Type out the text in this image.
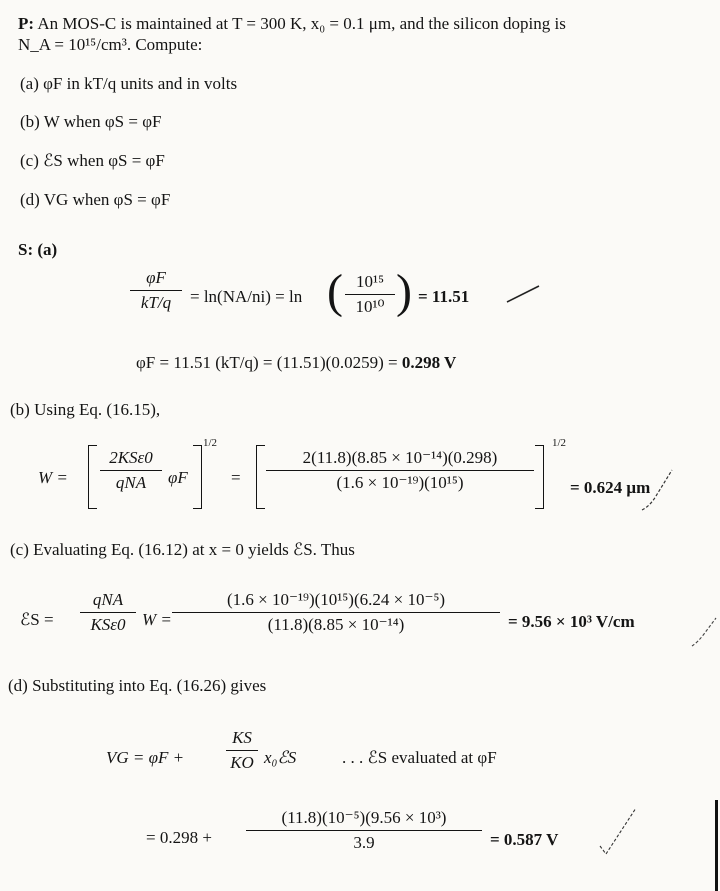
P: An MOS-C is maintained at T = 300 K, x₀ = 0.1 μm, and the silicon doping is
N_A = 10¹⁵/cm³. Compute:
(a) φF in kT/q units and in volts
(b) W when φS = φF
(c) ℰS when φS = φF
(d) VG when φS = φF
S: (a)
φF
kT/q	= ln(NA/ni) = ln ( 10¹⁵
10¹⁰ ) = 11.51
φF = 11.51 (kT/q) = (11.51)(0.0259) = 0.298 V
(b) Using Eq. (16.15),
W =
2KSε0
qNA	φF
1/2
=
2(11.8)(8.85 × 10⁻¹⁴)(0.298)
(1.6 × 10⁻¹⁹)(10¹⁵)
1/2
= 0.624 μm
(c) Evaluating Eq. (16.12) at x = 0 yields ℰS. Thus
ℰS =
qNA
KSε0 W =
(1.6 × 10⁻¹⁹)(10¹⁵)(6.24 × 10⁻⁵)
(11.8)(8.85 × 10⁻¹⁴)	= 9.56 × 10³ V/cm
(d) Substituting into Eq. (16.26) gives
VG = φF +
KS
KO x₀ℰS	. . . ℰS evaluated at φF
= 0.298 +
(11.8)(10⁻⁵)(9.56 × 10³)
3.9	= 0.587 V
